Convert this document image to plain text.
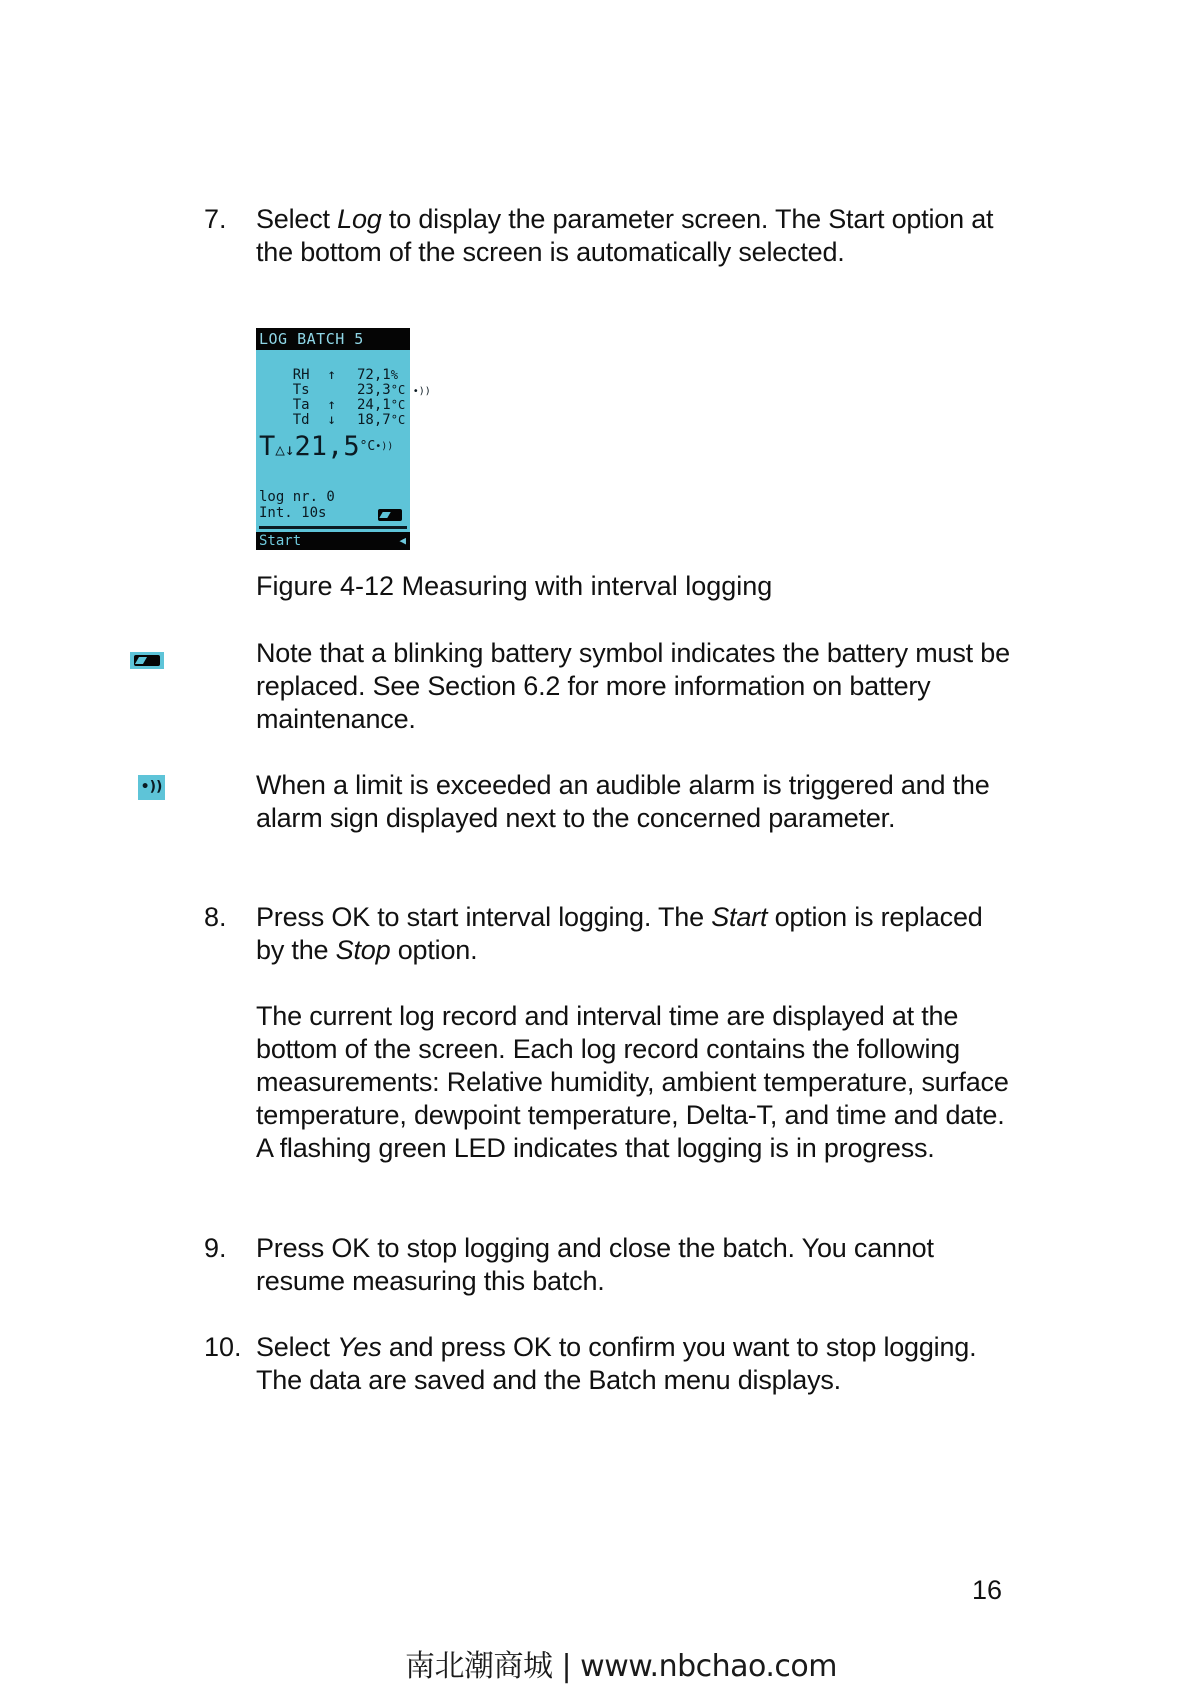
7. Select Log to display the parameter screen. The Start option at the bottom of the screen is automatically selected.
LOG BATCH 5

RH ↑ 72,1%

Ts	23,3°C •))

Ta ↑ 24,1°C

Td ↓ 18,7°C

$T\triangle↓21,5^{^\circ C•))}$
log nr. 0
Int. 10s
Start	◀
Figure 4-12 Measuring with interval logging
Note that a blinking battery symbol indicates the battery must be replaced. See Section 6.2 for more information on battery maintenance.
•))	When a limit is exceeded an audible alarm is triggered and the alarm sign displayed next to the concerned parameter.
8. Press OK to start interval logging. The Start option is replaced by the Stop option.
The current log record and interval time are displayed at the bottom of the screen. Each log record contains the following measurements: Relative humidity, ambient temperature, surface temperature, dewpoint temperature, Delta-T, and time and date. A flashing green LED indicates that logging is in progress.
9. Press OK to stop logging and close the batch. You cannot resume measuring this batch.
10. Select Yes and press OK to confirm you want to stop logging. The data are saved and the Batch menu displays.
16
南北潮商城 | www.nbchao.com
